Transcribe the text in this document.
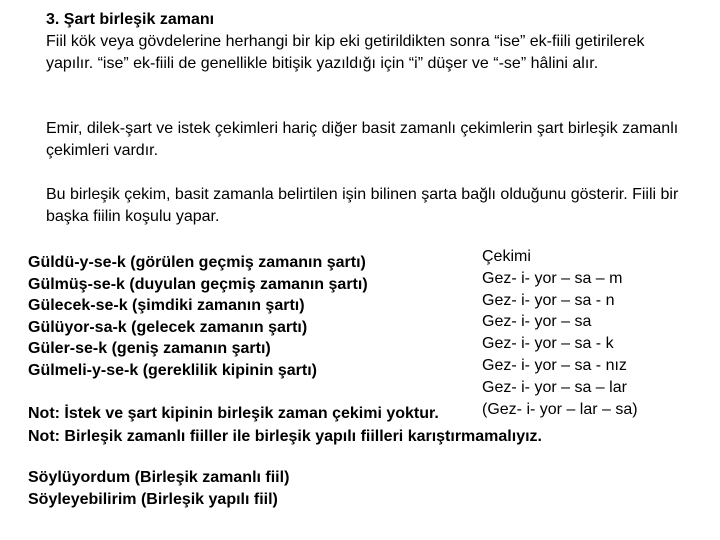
3. Şart birleşik zamanı
Fiil kök veya gövdelerine herhangi bir kip eki getirildikten sonra “ise” ek-fiili getirilerek yapılır. “ise” ek-fiili de genellikle bitişik yazıldığı için “i” düşer ve “-se” hâlini alır.
Emir, dilek-şart ve istek çekimleri hariç diğer basit zamanlı çekimlerin şart birleşik zamanlı çekimleri vardır.
Bu birleşik çekim, basit zamanla belirtilen işin bilinen şarta bağlı olduğunu gösterir. Fiili bir başka fiilin koşulu yapar.
Güldü-y-se-k (görülen geçmiş zamanın şartı)
Gülmüş-se-k (duyulan geçmiş zamanın şartı)
Gülecek-se-k (şimdiki zamanın şartı)
Gülüyor-sa-k (gelecek zamanın şartı)
Güler-se-k (geniş zamanın şartı)
Gülmeli-y-se-k (gereklilik kipinin şartı)
Çekimi
Gez- i- yor – sa – m
Gez- i- yor – sa - n
Gez- i- yor – sa
Gez- i- yor – sa - k
Gez- i- yor – sa - nız
Gez- i- yor – sa – lar
(Gez- i- yor – lar – sa)
Not: İstek ve şart kipinin birleşik zaman çekimi yoktur.
Not: Birleşik zamanlı fiiller ile birleşik yapılı fiilleri karıştırmamalıyız.
Söylüyordum (Birleşik zamanlı fiil)
Söyleyebilirim (Birleşik yapılı fiil)
